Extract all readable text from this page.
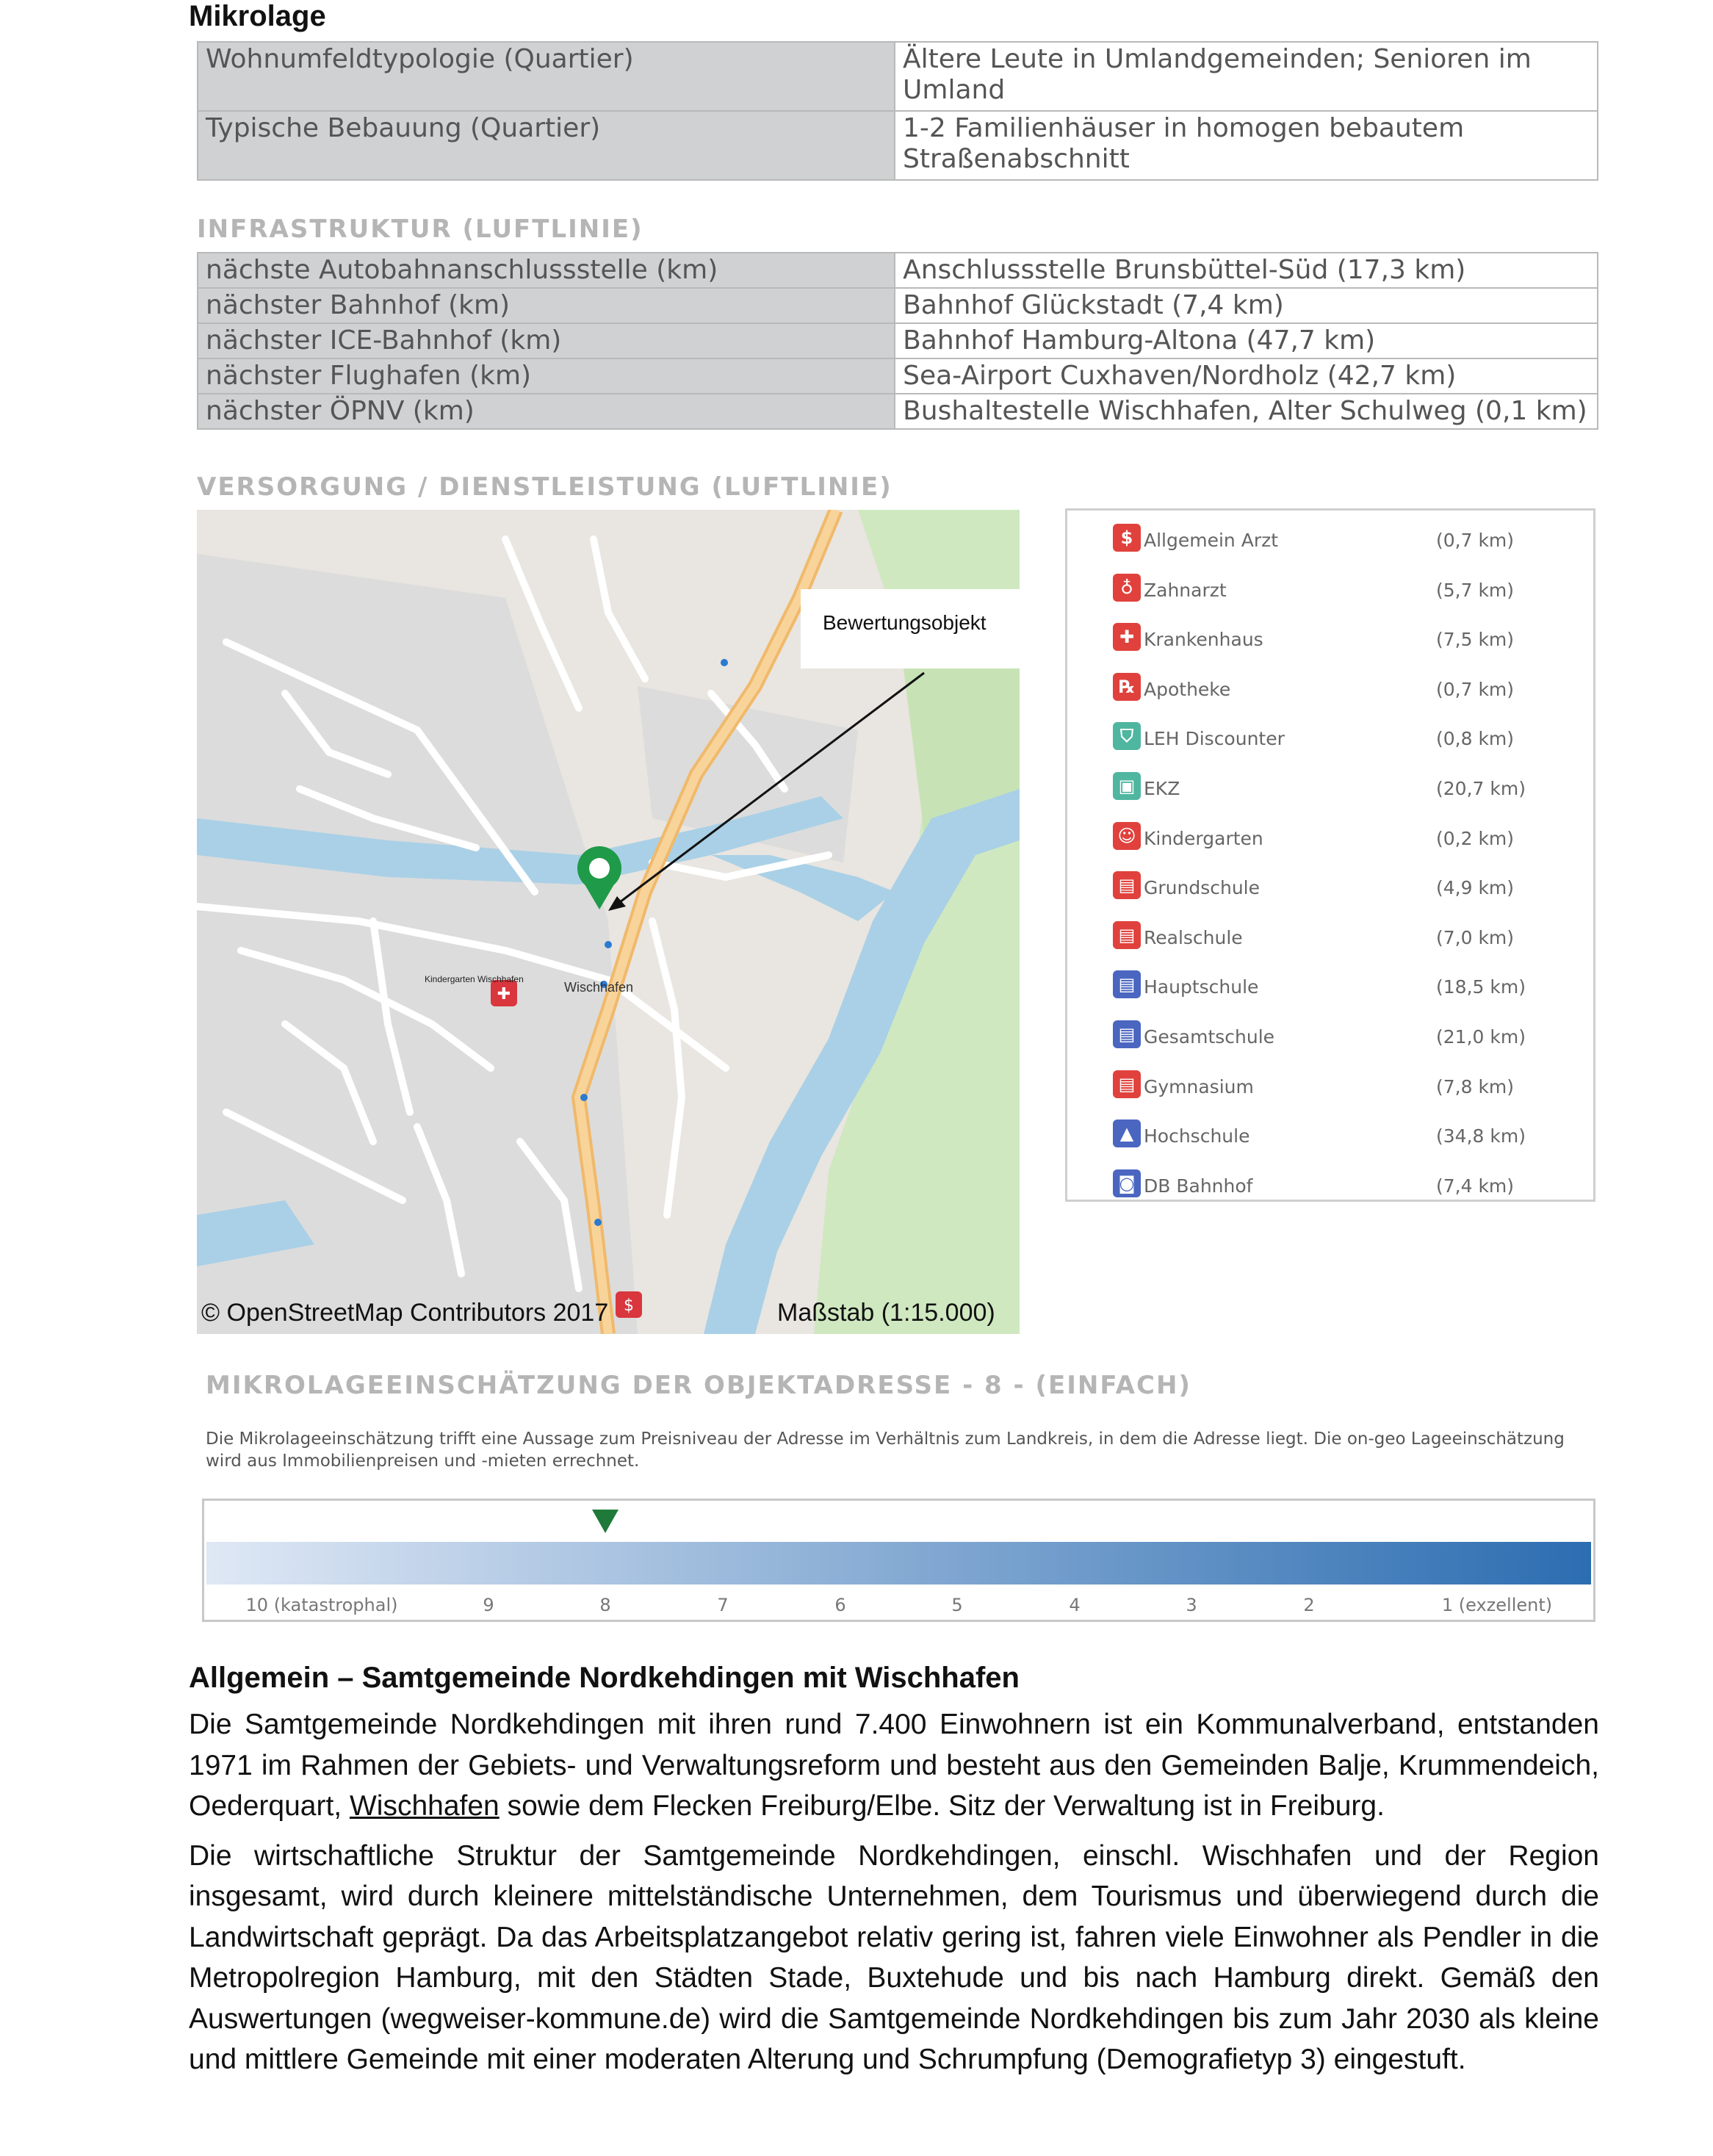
Mikrolage
Wohnumfeldtypologie (Quartier)	Ältere Leute in Umlandgemeinden; Senioren im Umland
Typische Bebauung (Quartier)	1-2 Familienhäuser in homogen bebautem Straßenabschnitt
INFRASTRUKTUR (LUFTLINIE)
nächste Autobahnanschlussstelle (km)	Anschlussstelle Brunsbüttel-Süd (17,3 km)
nächster Bahnhof (km)	Bahnhof Glückstadt (7,4 km)
nächster ICE-Bahnhof (km)	Bahnhof Hamburg-Altona (47,7 km)
nächster Flughafen (km)	Sea-Airport Cuxhaven/Nordholz (42,7 km)
nächster ÖPNV (km)	Bushaltestelle Wischhafen, Alter Schulweg (0,1 km)
VERSORGUNG / DIENSTLEISTUNG (LUFTLINIE)
✚
$
Bewertungsobjekt
Wischhafen
Kindergarten Wischhafen
© OpenStreetMap Contributors 2017	Maßstab (1:15.000)
$ Allgemein Arzt	(0,7 km)
♁ Zahnarzt	(5,7 km)
✚ Krankenhaus	(7,5 km)
℞ Apotheke	(0,7 km)
⛉ LEH Discounter	(0,8 km)
▣ EKZ	(20,7 km)
☺ Kindergarten	(0,2 km)
▤ Grundschule	(4,9 km)
▤ Realschule	(7,0 km)
▤ Hauptschule	(18,5 km)
▤ Gesamtschule	(21,0 km)
▤ Gymnasium	(7,8 km)
▲ Hochschule	(34,8 km)
◙ DB Bahnhof	(7,4 km)
MIKROLAGEEINSCHÄTZUNG DER OBJEKTADRESSE - 8 - (EINFACH)
Die Mikrolageeinschätzung trifft eine Aussage zum Preisniveau der Adresse im Verhältnis zum Landkreis, in dem die Adresse liegt. Die on-geo Lageeinschätzung wird aus Immobilienpreisen und -mieten errechnet.
10 (katastrophal)	9	8	7	6	5	4	3	2	1 (exzellent)
Allgemein – Samtgemeinde Nordkehdingen mit Wischhafen

Die Samtgemeinde Nordkehdingen mit ihren rund 7.400 Einwohnern ist ein Kommunalverband, entstanden 1971 im Rahmen der Gebiets- und Verwaltungsreform und besteht aus den Gemeinden Balje, Krummendeich, Oederquart, Wischhafen sowie dem Flecken Freiburg/Elbe. Sitz der Verwaltung ist in Freiburg.

Die wirtschaftliche Struktur der Samtgemeinde Nordkehdingen, einschl. Wischhafen und der Region insgesamt, wird durch kleinere mittelständische Unternehmen, dem Tourismus und überwiegend durch die Landwirtschaft geprägt. Da das Arbeitsplatzangebot relativ gering ist, fahren viele Einwohner als Pendler in die Metropolregion Hamburg, mit den Städten Stade, Buxtehude und bis nach Hamburg direkt. Gemäß den Auswertungen (wegweiser-kommune.de) wird die Samtgemeinde Nordkehdingen bis zum Jahr 2030 als kleine und mittlere Gemeinde mit einer moderaten Alterung und Schrumpfung (Demografietyp 3) eingestuft.
